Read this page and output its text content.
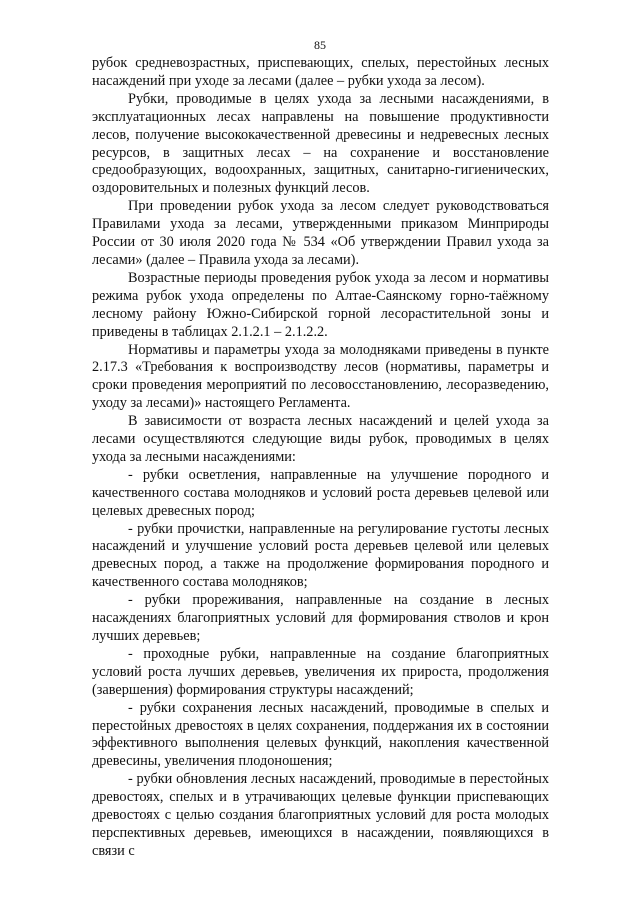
85

рубок средневозрастных, приспевающих, спелых, перестойных лесных насаждений при уходе за лесами (далее – рубки ухода за лесом).

Рубки, проводимые в целях ухода за лесными насаждениями, в эксплуатационных лесах направлены на повышение продуктивности лесов, получение высококачественной древесины и недревесных лесных ресурсов, в защитных лесах – на сохранение и восстановление средообразующих, водоохранных, защитных, санитарно-гигиенических, оздоровительных и полезных функций лесов.

При проведении рубок ухода за лесом следует руководствоваться Правилами ухода за лесами, утвержденными приказом Минприроды России от 30 июля 2020 года № 534 «Об утверждении Правил ухода за лесами» (далее – Правила ухода за лесами).

Возрастные периоды проведения рубок ухода за лесом и нормативы режима рубок ухода определены по Алтае-Саянскому горно-таёжному лесному району Южно-Сибирской горной лесорастительной зоны и приведены в таблицах 2.1.2.1 – 2.1.2.2.

Нормативы и параметры ухода за молодняками приведены в пункте 2.17.3 «Требования к воспроизводству лесов (нормативы, параметры и сроки проведения мероприятий по лесовосстановлению, лесоразведению, уходу за лесами)» настоящего Регламента.

В зависимости от возраста лесных насаждений и целей ухода за лесами осуществляются следующие виды рубок, проводимых в целях ухода за лесными насаждениями:

- рубки осветления, направленные на улучшение породного и качественного состава молодняков и условий роста деревьев целевой или целевых древесных пород;

- рубки прочистки, направленные на регулирование густоты лесных насаждений и улучшение условий роста деревьев целевой или целевых древесных пород, а также на продолжение формирования породного и качественного состава молодняков;

- рубки прореживания, направленные на создание в лесных насаждениях благоприятных условий для формирования стволов и крон лучших деревьев;

- проходные рубки, направленные на создание благоприятных условий роста лучших деревьев, увеличения их прироста, продолжения (завершения) формирования структуры насаждений;

- рубки сохранения лесных насаждений, проводимые в спелых и перестойных древостоях в целях сохранения, поддержания их в состоянии эффективного выполнения целевых функций, накопления качественной древесины, увеличения плодоношения;

- рубки обновления лесных насаждений, проводимые в перестойных древостоях, спелых и в утрачивающих целевые функции приспевающих древостоях с целью создания благоприятных условий для роста молодых перспективных деревьев, имеющихся в насаждении, появляющихся в связи с
